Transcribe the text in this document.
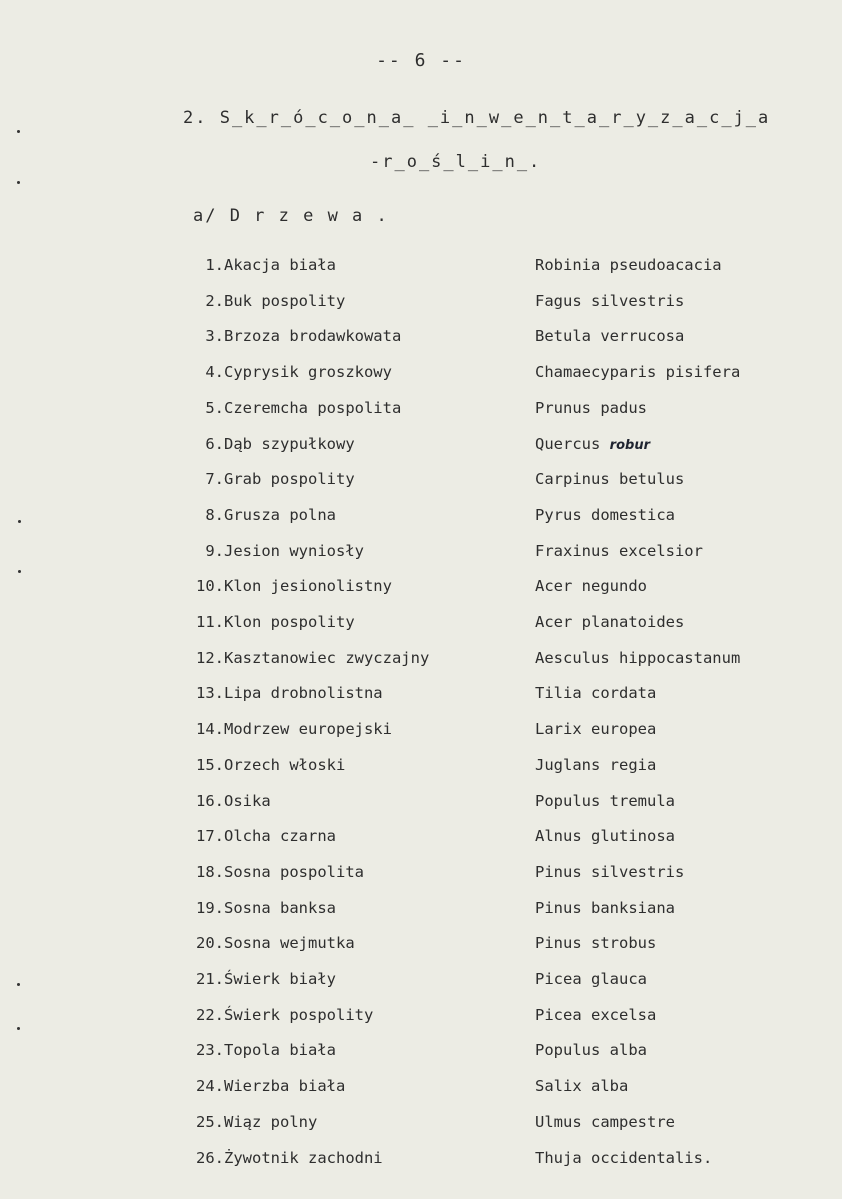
-- 6 --
2. S_k_r_ó_c_o_n_a_ _i_n_w_e_n_t_a_r_y_z_a_c_j_a
-r_o_ś_l_i_n_.
a/ D r z e w a .
1. Akacja biała	Robinia pseudoacacia
2. Buk pospolity	Fagus silvestris
3. Brzoza brodawkowata	Betula verrucosa
4. Cyprysik groszkowy	Chamaecyparis pisifera
5. Czeremcha pospolita	Prunus padus
6. Dąb szypułkowy	Quercus robur
7. Grab pospolity	Carpinus betulus
8. Grusza polna	Pyrus domestica
9. Jesion wyniosły	Fraxinus excelsior
10. Klon jesionolistny	Acer negundo
11. Klon pospolity	Acer planatoides
12. Kasztanowiec zwyczajny	Aesculus hippocastanum
13. Lipa drobnolistna	Tilia cordata
14. Modrzew europejski	Larix europea
15. Orzech włoski	Juglans regia
16. Osika	Populus tremula
17. Olcha czarna	Alnus glutinosa
18. Sosna pospolita	Pinus silvestris
19. Sosna banksa	Pinus banksiana
20. Sosna wejmutka	Pinus strobus
21. Świerk biały	Picea glauca
22. Świerk pospolity	Picea excelsa
23. Topola biała	Populus alba
24. Wierzba biała	Salix alba
25. Wiąz polny	Ulmus campestre
26. Żywotnik zachodni	Thuja occidentalis.
